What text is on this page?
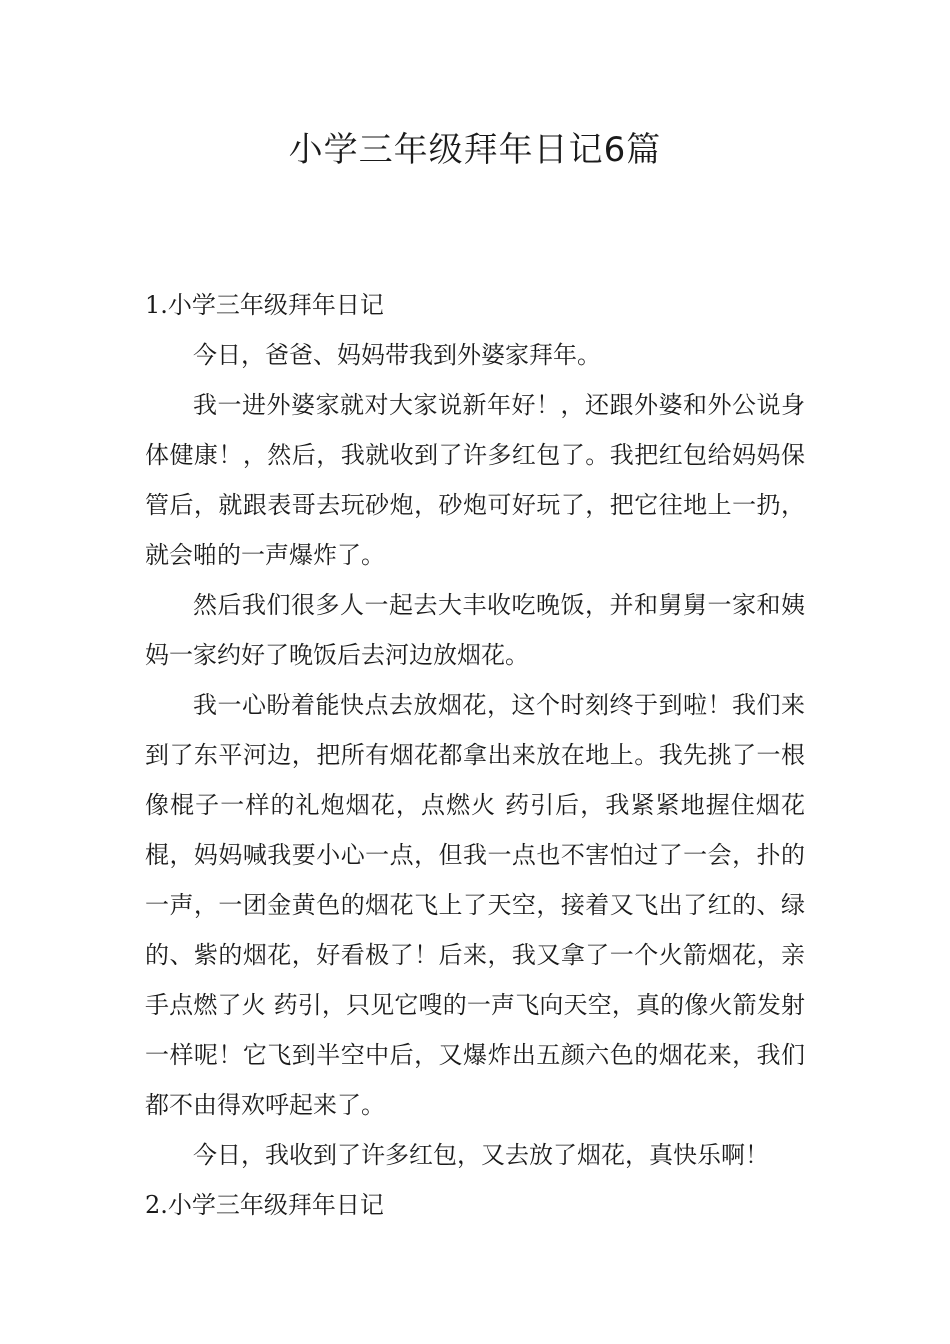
小学三年级拜年日记6篇

1.小学三年级拜年日记

今日，爸爸、妈妈带我到外婆家拜年。

我一进外婆家就对大家说新年好！，还跟外婆和外公说身体健康！，然后，我就收到了许多红包了。我把红包给妈妈保管后，就跟表哥去玩砂炮，砂炮可好玩了，把它往地上一扔，就会啪的一声爆炸了。

然后我们很多人一起去大丰收吃晚饭，并和舅舅一家和姨妈一家约好了晚饭后去河边放烟花。

我一心盼着能快点去放烟花，这个时刻终于到啦！我们来到了东平河边，把所有烟花都拿出来放在地上。我先挑了一根像棍子一样的礼炮烟花，点燃火 药引后，我紧紧地握住烟花棍，妈妈喊我要小心一点，但我一点也不害怕过了一会，扑的一声，一团金黄色的烟花飞上了天空，接着又飞出了红的、绿的、紫的烟花，好看极了！后来，我又拿了一个火箭烟花，亲手点燃了火 药引，只见它嗖的一声飞向天空，真的像火箭发射一样呢！它飞到半空中后，又爆炸出五颜六色的烟花来，我们都不由得欢呼起来了。

今日，我收到了许多红包，又去放了烟花，真快乐啊！

2.小学三年级拜年日记
